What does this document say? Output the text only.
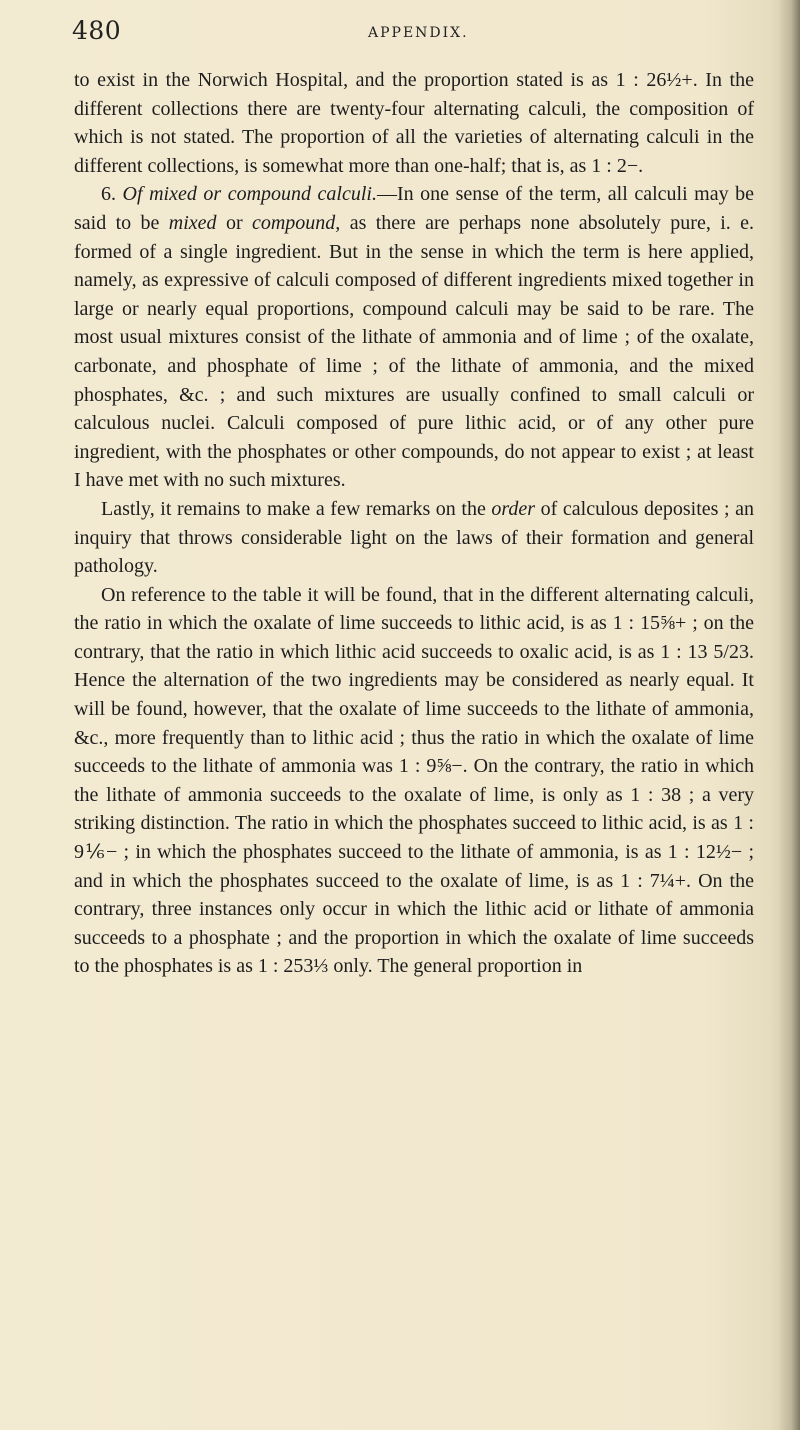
480	APPENDIX.

to exist in the Norwich Hospital, and the proportion stated is as 1 : 26½+. In the different collections there are twenty-four alternating calculi, the composition of which is not stated. The proportion of all the varieties of alternating calculi in the different collections, is somewhat more than one-half; that is, as 1 : 2−.

6. Of mixed or compound calculi.—In one sense of the term, all calculi may be said to be mixed or compound, as there are perhaps none absolutely pure, i. e. formed of a single ingredient. But in the sense in which the term is here applied, namely, as expressive of calculi composed of different ingredients mixed together in large or nearly equal proportions, compound calculi may be said to be rare. The most usual mixtures consist of the lithate of ammonia and of lime ; of the oxalate, carbonate, and phosphate of lime ; of the lithate of ammonia, and the mixed phosphates, &c. ; and such mixtures are usually confined to small calculi or calculous nuclei. Calculi composed of pure lithic acid, or of any other pure ingredient, with the phosphates or other compounds, do not appear to exist ; at least I have met with no such mixtures.

Lastly, it remains to make a few remarks on the order of calculous deposites ; an inquiry that throws considerable light on the laws of their formation and general pathology.

On reference to the table it will be found, that in the different alternating calculi, the ratio in which the oxalate of lime succeeds to lithic acid, is as 1 : 15⅝+ ; on the contrary, that the ratio in which lithic acid succeeds to oxalic acid, is as 1 : 13 5/23. Hence the alternation of the two ingredients may be considered as nearly equal. It will be found, however, that the oxalate of lime succeeds to the lithate of ammonia, &c., more frequently than to lithic acid ; thus the ratio in which the oxalate of lime succeeds to the lithate of ammonia was 1 : 9⅝−. On the contrary, the ratio in which the lithate of ammonia succeeds to the oxalate of lime, is only as 1 : 38 ; a very striking distinction. The ratio in which the phosphates succeed to lithic acid, is as 1 : 9⅙− ; in which the phosphates succeed to the lithate of ammonia, is as 1 : 12½− ; and in which the phosphates succeed to the oxalate of lime, is as 1 : 7¼+. On the contrary, three instances only occur in which the lithic acid or lithate of ammonia succeeds to a phosphate ; and the proportion in which the oxalate of lime succeeds to the phosphates is as 1 : 253⅓ only. The general proportion in
